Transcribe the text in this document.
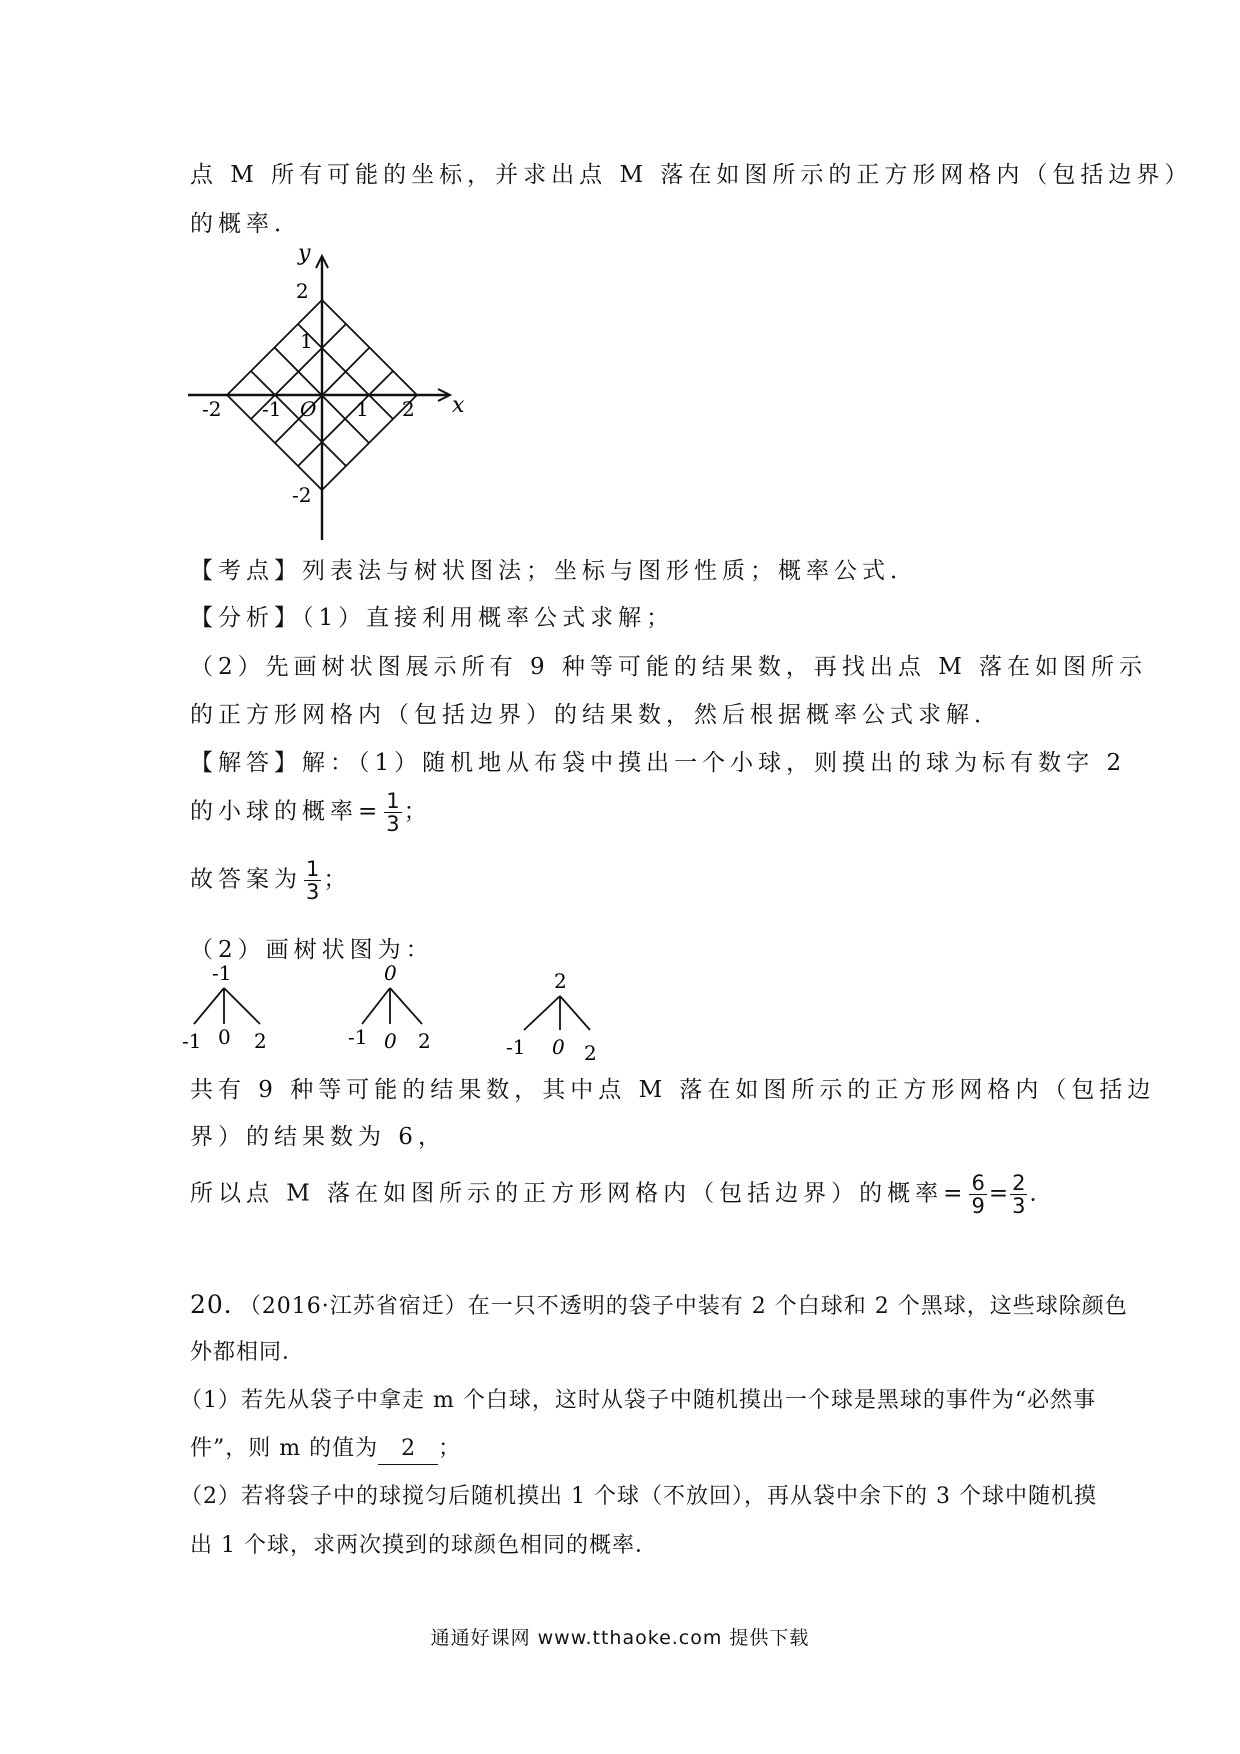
点 M 所有可能的坐标，并求出点 M 落在如图所示的正方形网格内（包括边界）
的概率．
y
x
O
-2 -1	1 2
2
1
-2
【考点】列表法与树状图法；坐标与图形性质；概率公式．
【分析】（1）直接利用概率公式求解；
（2）先画树状图展示所有 9 种等可能的结果数，再找出点 M 落在如图所示
的正方形网格内（包括边界）的结果数，然后根据概率公式求解．
【解答】解：（1）随机地从布袋中摸出一个小球，则摸出的球为标有数字 2
的小球的概率= $\frac{1}{3}$ ；
故答案为 $\frac{1}{3}$ ；
（2）画树状图为：
-1
-1 0 2
0
-1 0 2
2
-1 0 2
共有 9 种等可能的结果数，其中点 M 落在如图所示的正方形网格内（包括边
界）的结果数为 6，
所以点 M 落在如图所示的正方形网格内（包括边界）的概率= $\frac{6}{9} = \frac{2}{3}$ ．
20．（2016·江苏省宿迁）在一只不透明的袋子中装有 2 个白球和 2 个黑球，这些球除颜色
外都相同．
（1）若先从袋子中拿走 m 个白球，这时从袋子中随机摸出一个球是黑球的事件为“必然事
件”，则 m 的值为 2 ；
（2）若将袋子中的球搅匀后随机摸出 1 个球（不放回），再从袋中余下的 3 个球中随机摸
出 1 个球，求两次摸到的球颜色相同的概率．
通通好课网 www.tthaoke.com 提供下载
